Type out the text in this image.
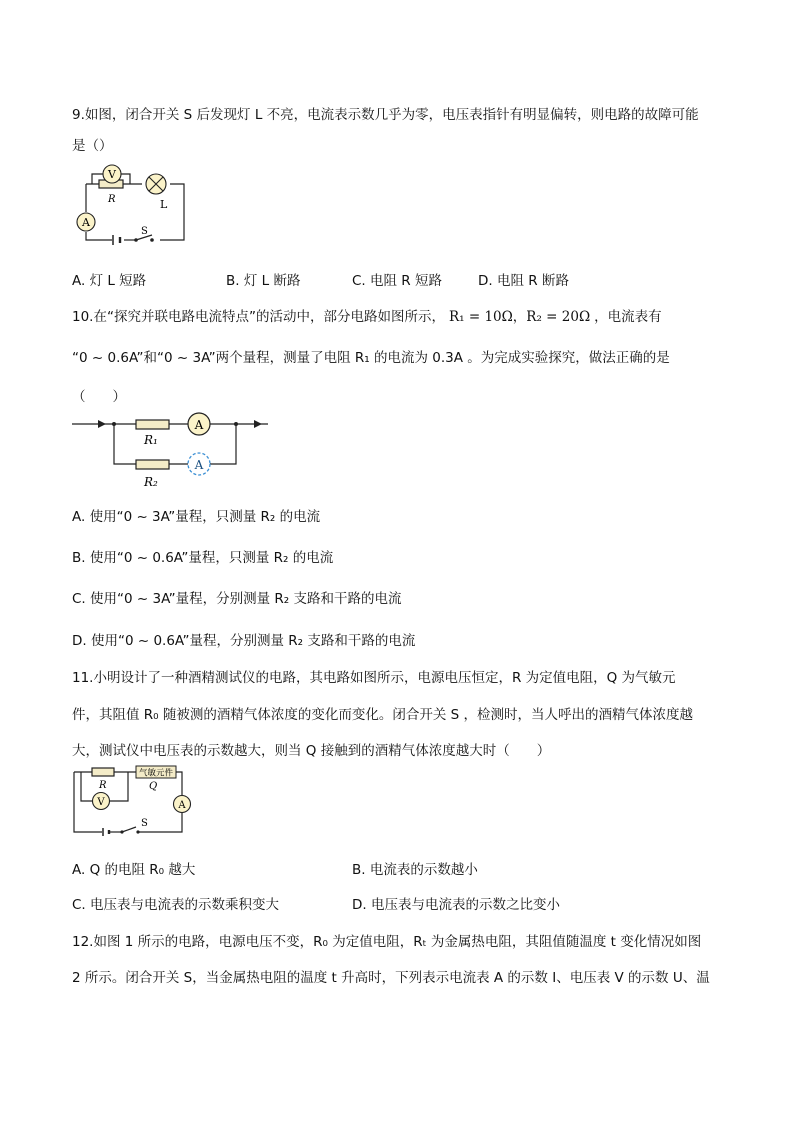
9.如图，闭合开关 S 后发现灯 L 不亮，电流表示数几乎为零，电压表指针有明显偏转，则电路的故障可能
是（）
V
A
R	L
S
A. 灯 L 短路	B. 灯 L 断路	C. 电阻 R 短路	D. 电阻 R 断路
10.在“探究并联电路电流特点”的活动中，部分电路如图所示， R₁ = 10Ω，R₂ = 20Ω ，电流表有
“0 ~ 0.6A”和“0 ~ 3A”两个量程，测量了电阻 R₁ 的电流为 0.3A 。为完成实验探究，做法正确的是
（　　）
A
A
R₁
R₂
A. 使用“0 ~ 3A”量程，只测量 R₂ 的电流
B. 使用“0 ~ 0.6A”量程，只测量 R₂ 的电流
C. 使用“0 ~ 3A”量程，分别测量 R₂ 支路和干路的电流
D. 使用“0 ~ 0.6A”量程，分别测量 R₂ 支路和干路的电流
11.小明设计了一种酒精测试仪的电路，其电路如图所示，电源电压恒定，R 为定值电阻，Q 为气敏元
件，其阻值 R₀ 随被测的酒精气体浓度的变化而变化。闭合开关 S ，检测时，当人呼出的酒精气体浓度越
大，测试仪中电压表的示数越大，则当 Q 接触到的酒精气体浓度越大时（　　）
气敏元件
V	A
R	Q
S
A. Q 的电阻 R₀ 越大	B. 电流表的示数越小
C. 电压表与电流表的示数乘积变大	D. 电压表与电流表的示数之比变小
12.如图 1 所示的电路，电源电压不变，R₀ 为定值电阻，Rₜ 为金属热电阻，其阻值随温度 t 变化情况如图
2 所示。闭合开关 S，当金属热电阻的温度 t 升高时，下列表示电流表 A 的示数 I、电压表 V 的示数 U、温
